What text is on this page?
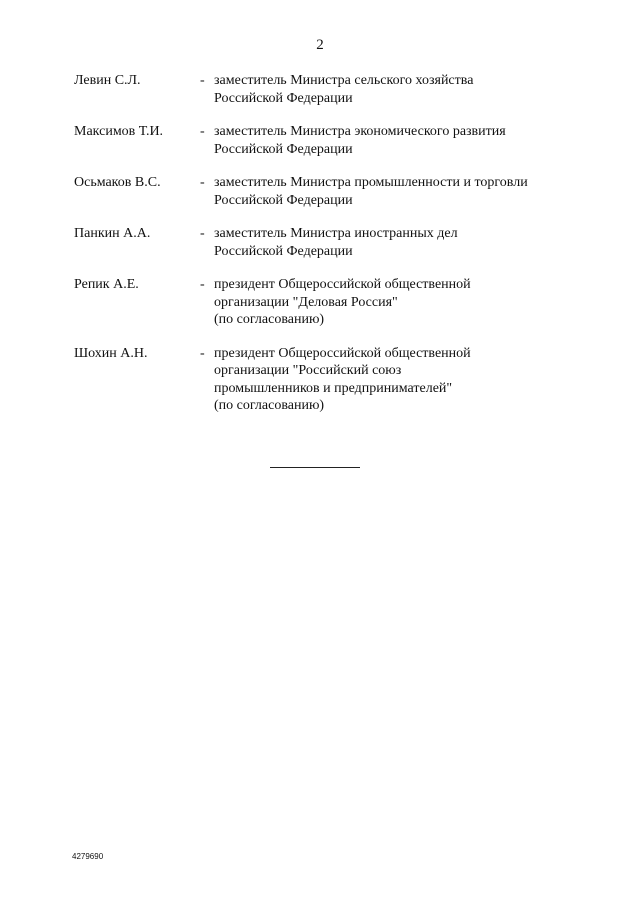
2
Левин С.Л.	- заместитель Министра сельского хозяйства
Российской Федерации
Максимов Т.И.	- заместитель Министра экономического развития
Российской Федерации
Осьмаков В.С.	- заместитель Министра промышленности и торговли
Российской Федерации
Панкин А.А.	- заместитель Министра иностранных дел
Российской Федерации
Репик А.Е.	- президент Общероссийской общественной
организации "Деловая Россия"
(по согласованию)
Шохин А.Н.	- президент Общероссийской общественной
организации "Российский союз
промышленников и предпринимателей"
(по согласованию)
4279690
